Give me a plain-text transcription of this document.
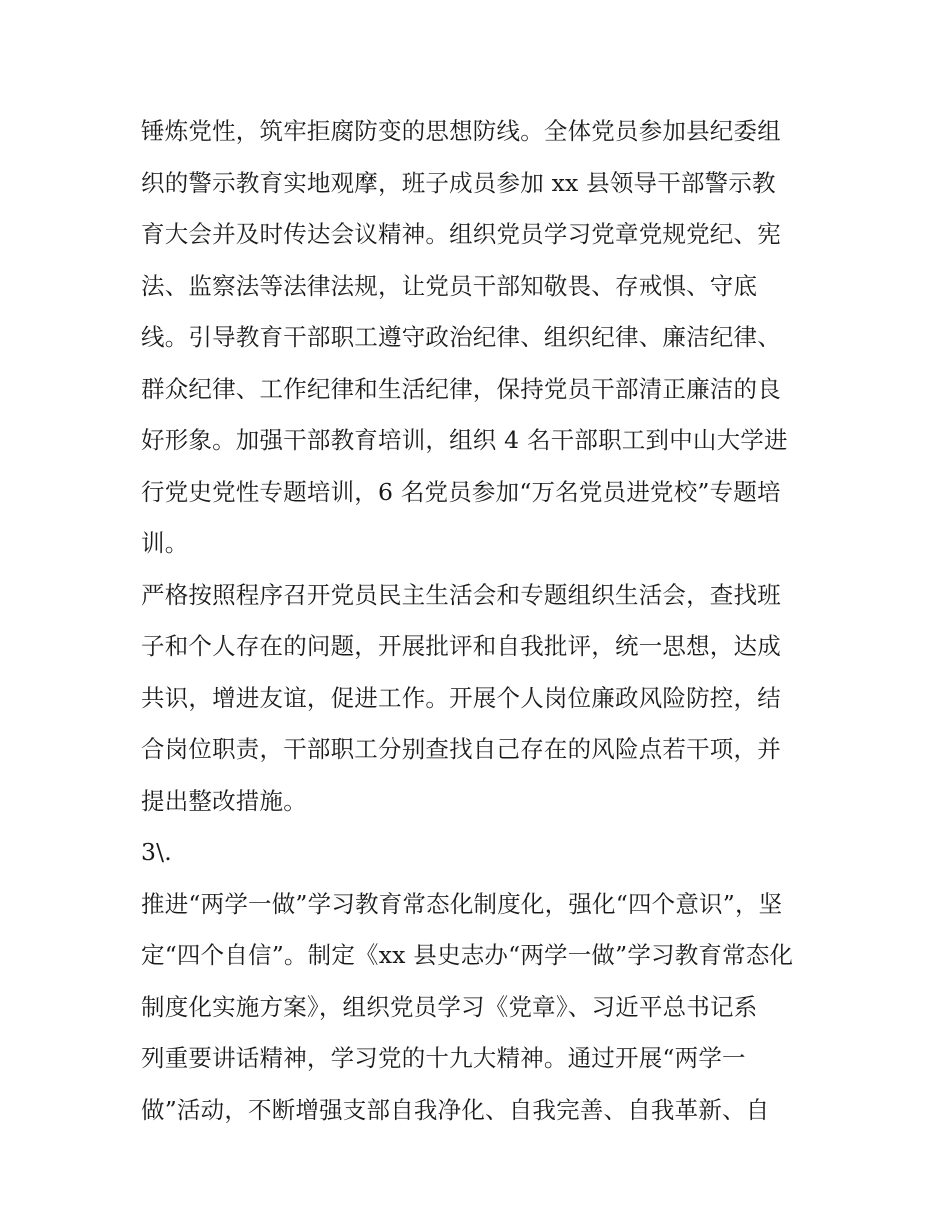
锤炼党性，筑牢拒腐防变的思想防线。全体党员参加县纪委组
织的警示教育实地观摩，班子成员参加 xx 县领导干部警示教
育大会并及时传达会议精神。组织党员学习党章党规党纪、宪
法、监察法等法律法规，让党员干部知敬畏、存戒惧、守底
线。引导教育干部职工遵守政治纪律、组织纪律、廉洁纪律、
群众纪律、工作纪律和生活纪律，保持党员干部清正廉洁的良
好形象。加强干部教育培训，组织 4 名干部职工到中山大学进
行党史党性专题培训，6 名党员参加“万名党员进党校”专题培
训。
严格按照程序召开党员民主生活会和专题组织生活会，查找班
子和个人存在的问题，开展批评和自我批评，统一思想，达成
共识，增进友谊，促进工作。开展个人岗位廉政风险防控，结
合岗位职责，干部职工分别查找自己存在的风险点若干项，并
提出整改措施。
3\.
推进“两学一做”学习教育常态化制度化，强化“四个意识”，坚
定“四个自信”。制定《xx 县史志办“两学一做”学习教育常态化
制度化实施方案》，组织党员学习《党章》、习近平总书记系
列重要讲话精神，学习党的十九大精神。通过开展“两学一
做”活动，不断增强支部自我净化、自我完善、自我革新、自
